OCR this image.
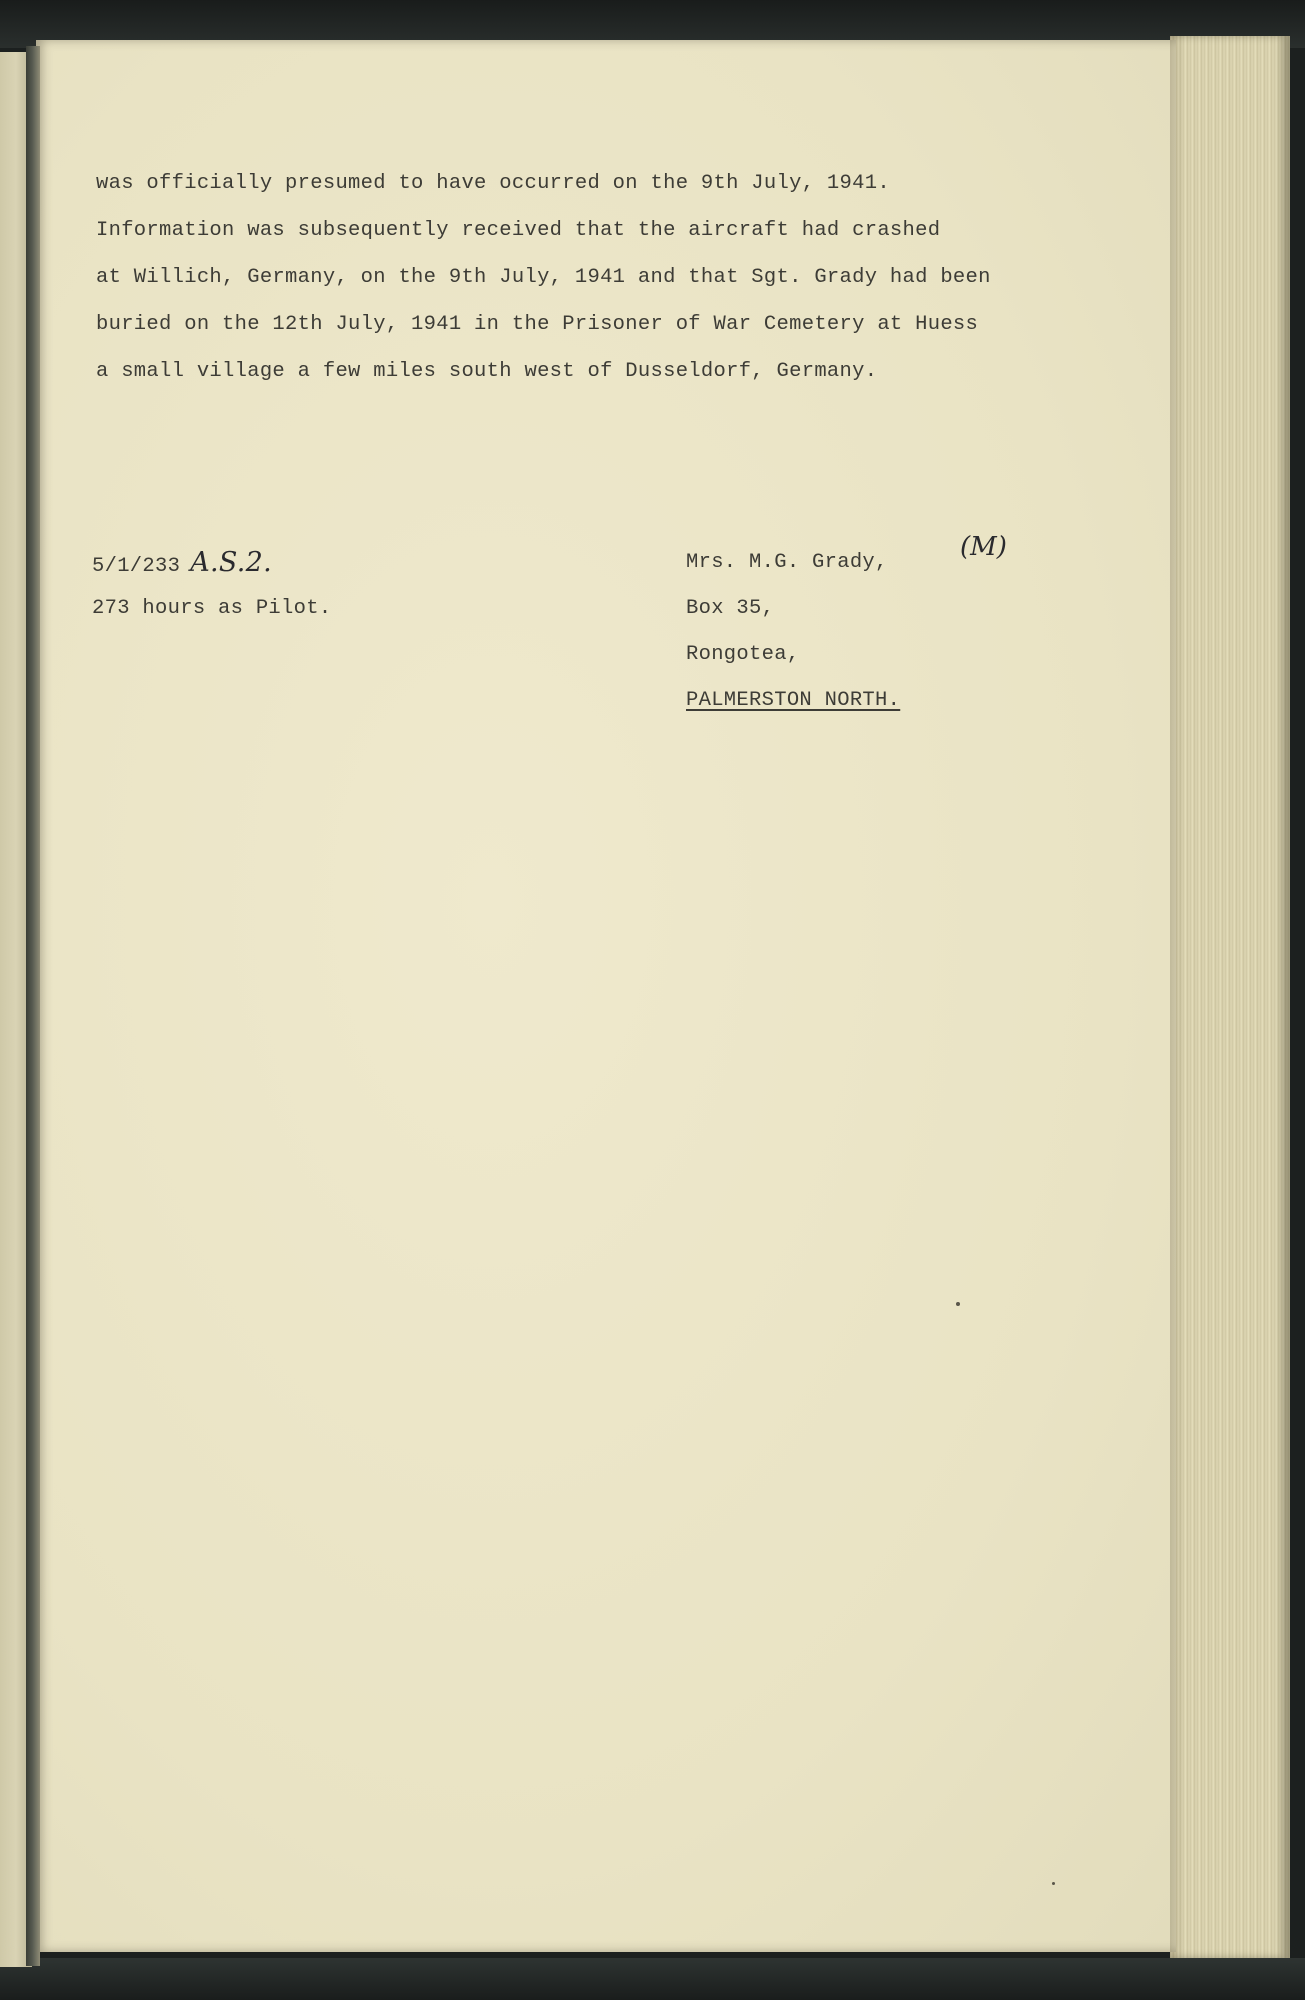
was officially presumed to have occurred on the 9th July, 1941.
Information was subsequently received that the aircraft had crashed
at Willich, Germany, on the 9th July, 1941 and that Sgt. Grady had been
buried on the 12th July, 1941 in the Prisoner of War Cemetery at Huess
a small village a few miles south west of Dusseldorf, Germany.
5/1/233 A.S.2.
273 hours as Pilot.
Mrs. M.G. Grady,
Box 35,
Rongotea,
PALMERSTON NORTH.
(M)
